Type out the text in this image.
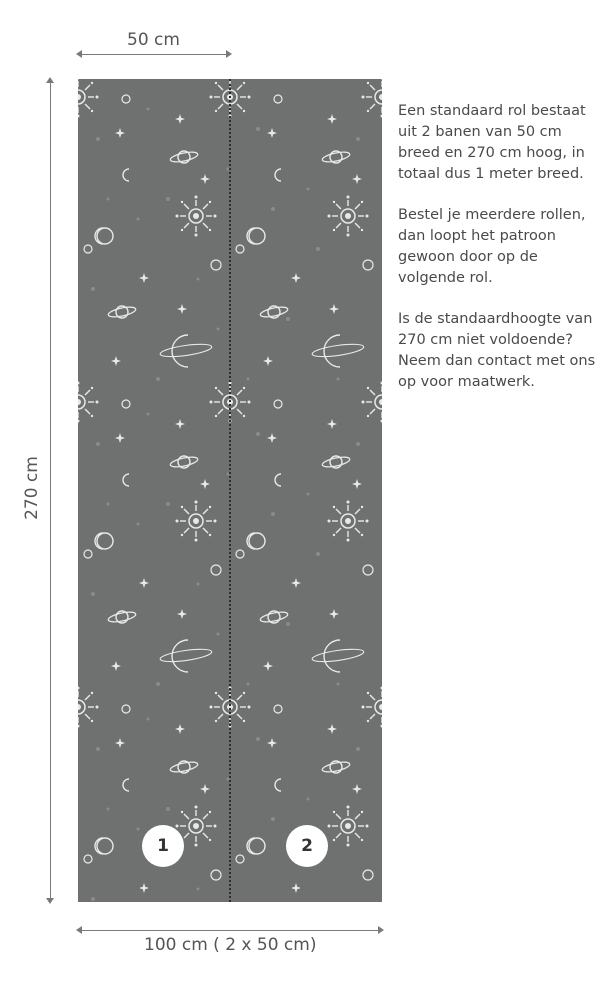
50 cm
270 cm
1	2
100 cm ( 2 x 50 cm)

Een standaard rol bestaat uit 2 banen van 50 cm breed en 270 cm hoog, in totaal dus 1 meter breed.

Bestel je meerdere rollen, dan loopt het patroon gewoon door op de volgende rol.

Is de standaardhoogte van 270 cm niet voldoende? Neem dan contact met ons op voor maatwerk.
